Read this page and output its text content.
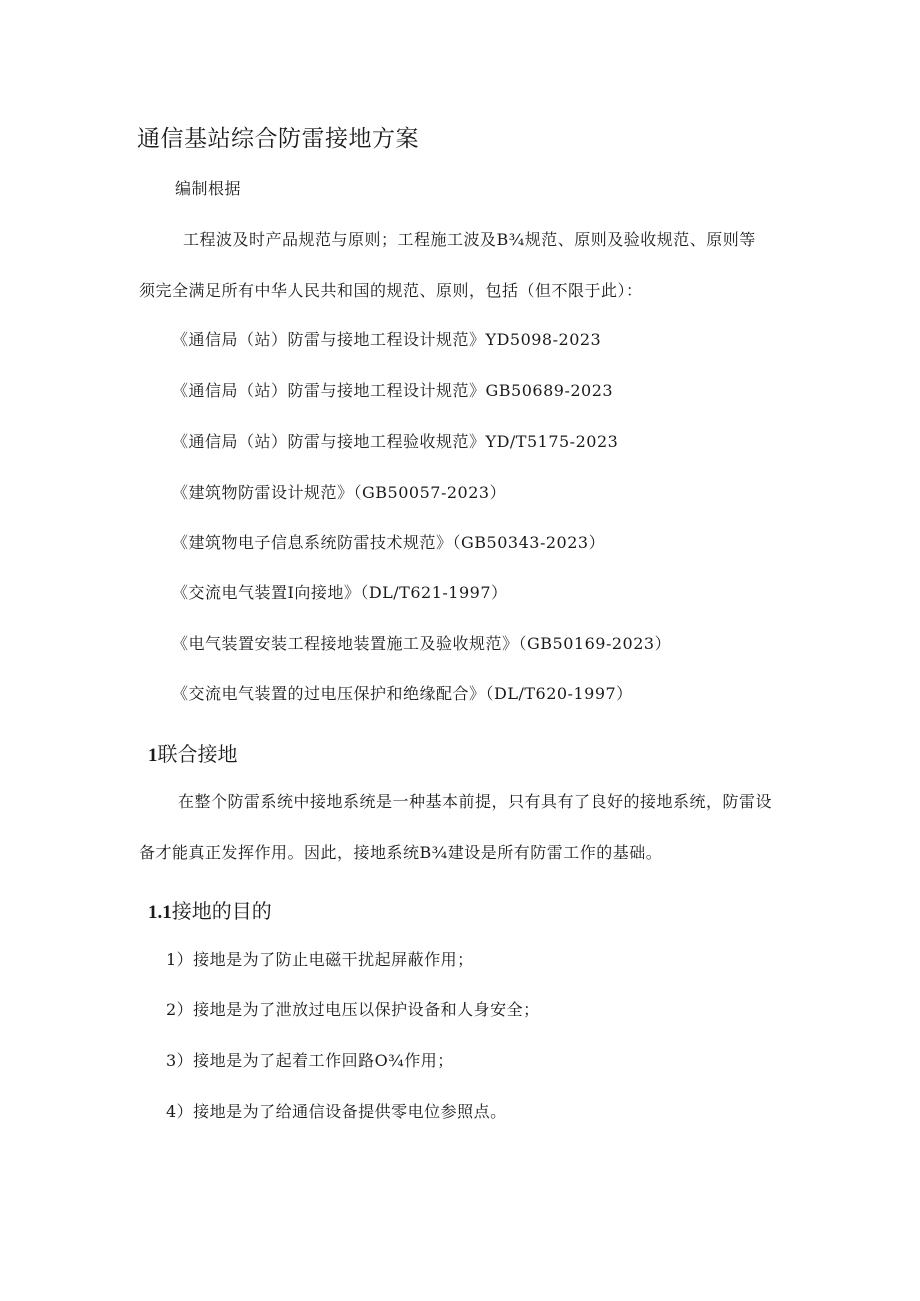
通信基站综合防雷接地方案
编制根据
工程波及时产品规范与原则；工程施工波及B¾规范、原则及验收规范、原则等
须完全满足所有中华人民共和国的规范、原则，包括（但不限于此）：
《通信局（站）防雷与接地工程设计规范》YD5098-2023
《通信局（站）防雷与接地工程设计规范》GB50689-2023
《通信局（站）防雷与接地工程验收规范》YD/T5175-2023
《建筑物防雷设计规范》（GB50057-2023）
《建筑物电子信息系统防雷技术规范》（GB50343-2023）
《交流电气装置Ⅰ向接地》（DL/T621-1997）
《电气装置安装工程接地装置施工及验收规范》（GB50169-2023）
《交流电气装置的过电压保护和绝缘配合》（DL/T620-1997）
1联合接地
在整个防雷系统中接地系统是一种基本前提，只有具有了良好的接地系统，防雷设
备才能真正发挥作用。因此，接地系统B¾建设是所有防雷工作的基础。
1.1接地的目的
1）接地是为了防止电磁干扰起屏蔽作用；
2）接地是为了泄放过电压以保护设备和人身安全；
3）接地是为了起着工作回路O¾作用；
4）接地是为了给通信设备提供零电位参照点。
